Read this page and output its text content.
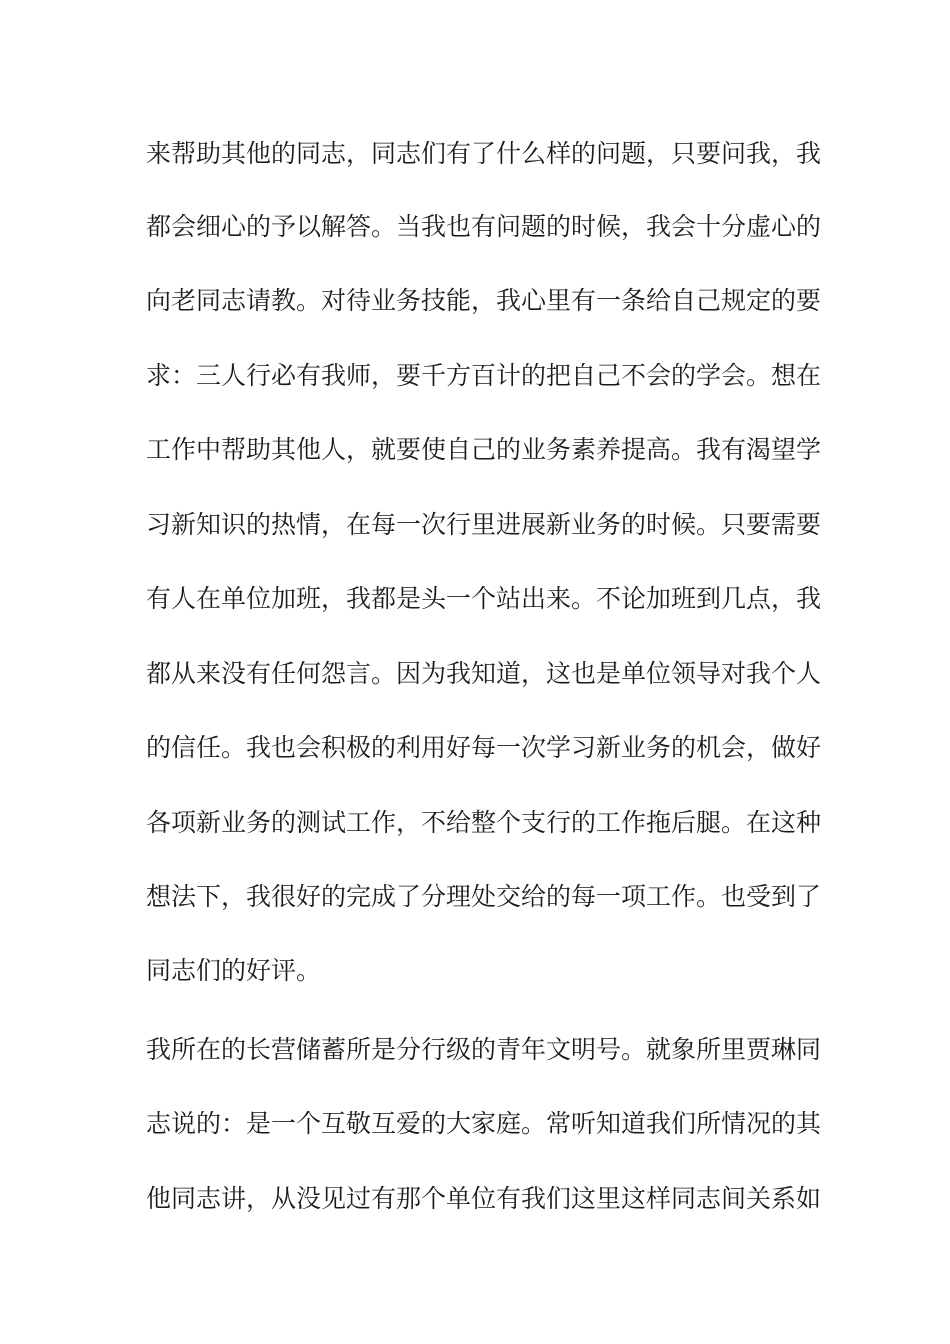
来帮助其他的同志，同志们有了什么样的问题，只要问我，我
都会细心的予以解答。当我也有问题的时候，我会十分虚心的
向老同志请教。对待业务技能，我心里有一条给自己规定的要
求：三人行必有我师，要千方百计的把自己不会的学会。想在
工作中帮助其他人，就要使自己的业务素养提高。我有渴望学
习新知识的热情，在每一次行里进展新业务的时候。只要需要
有人在单位加班，我都是头一个站出来。不论加班到几点，我
都从来没有任何怨言。因为我知道，这也是单位领导对我个人
的信任。我也会积极的利用好每一次学习新业务的机会，做好
各项新业务的测试工作，不给整个支行的工作拖后腿。在这种
想法下，我很好的完成了分理处交给的每一项工作。也受到了
同志们的好评。
我所在的长营储蓄所是分行级的青年文明号。就象所里贾琳同
志说的：是一个互敬互爱的大家庭。常听知道我们所情况的其
他同志讲，从没见过有那个单位有我们这里这样同志间关系如
